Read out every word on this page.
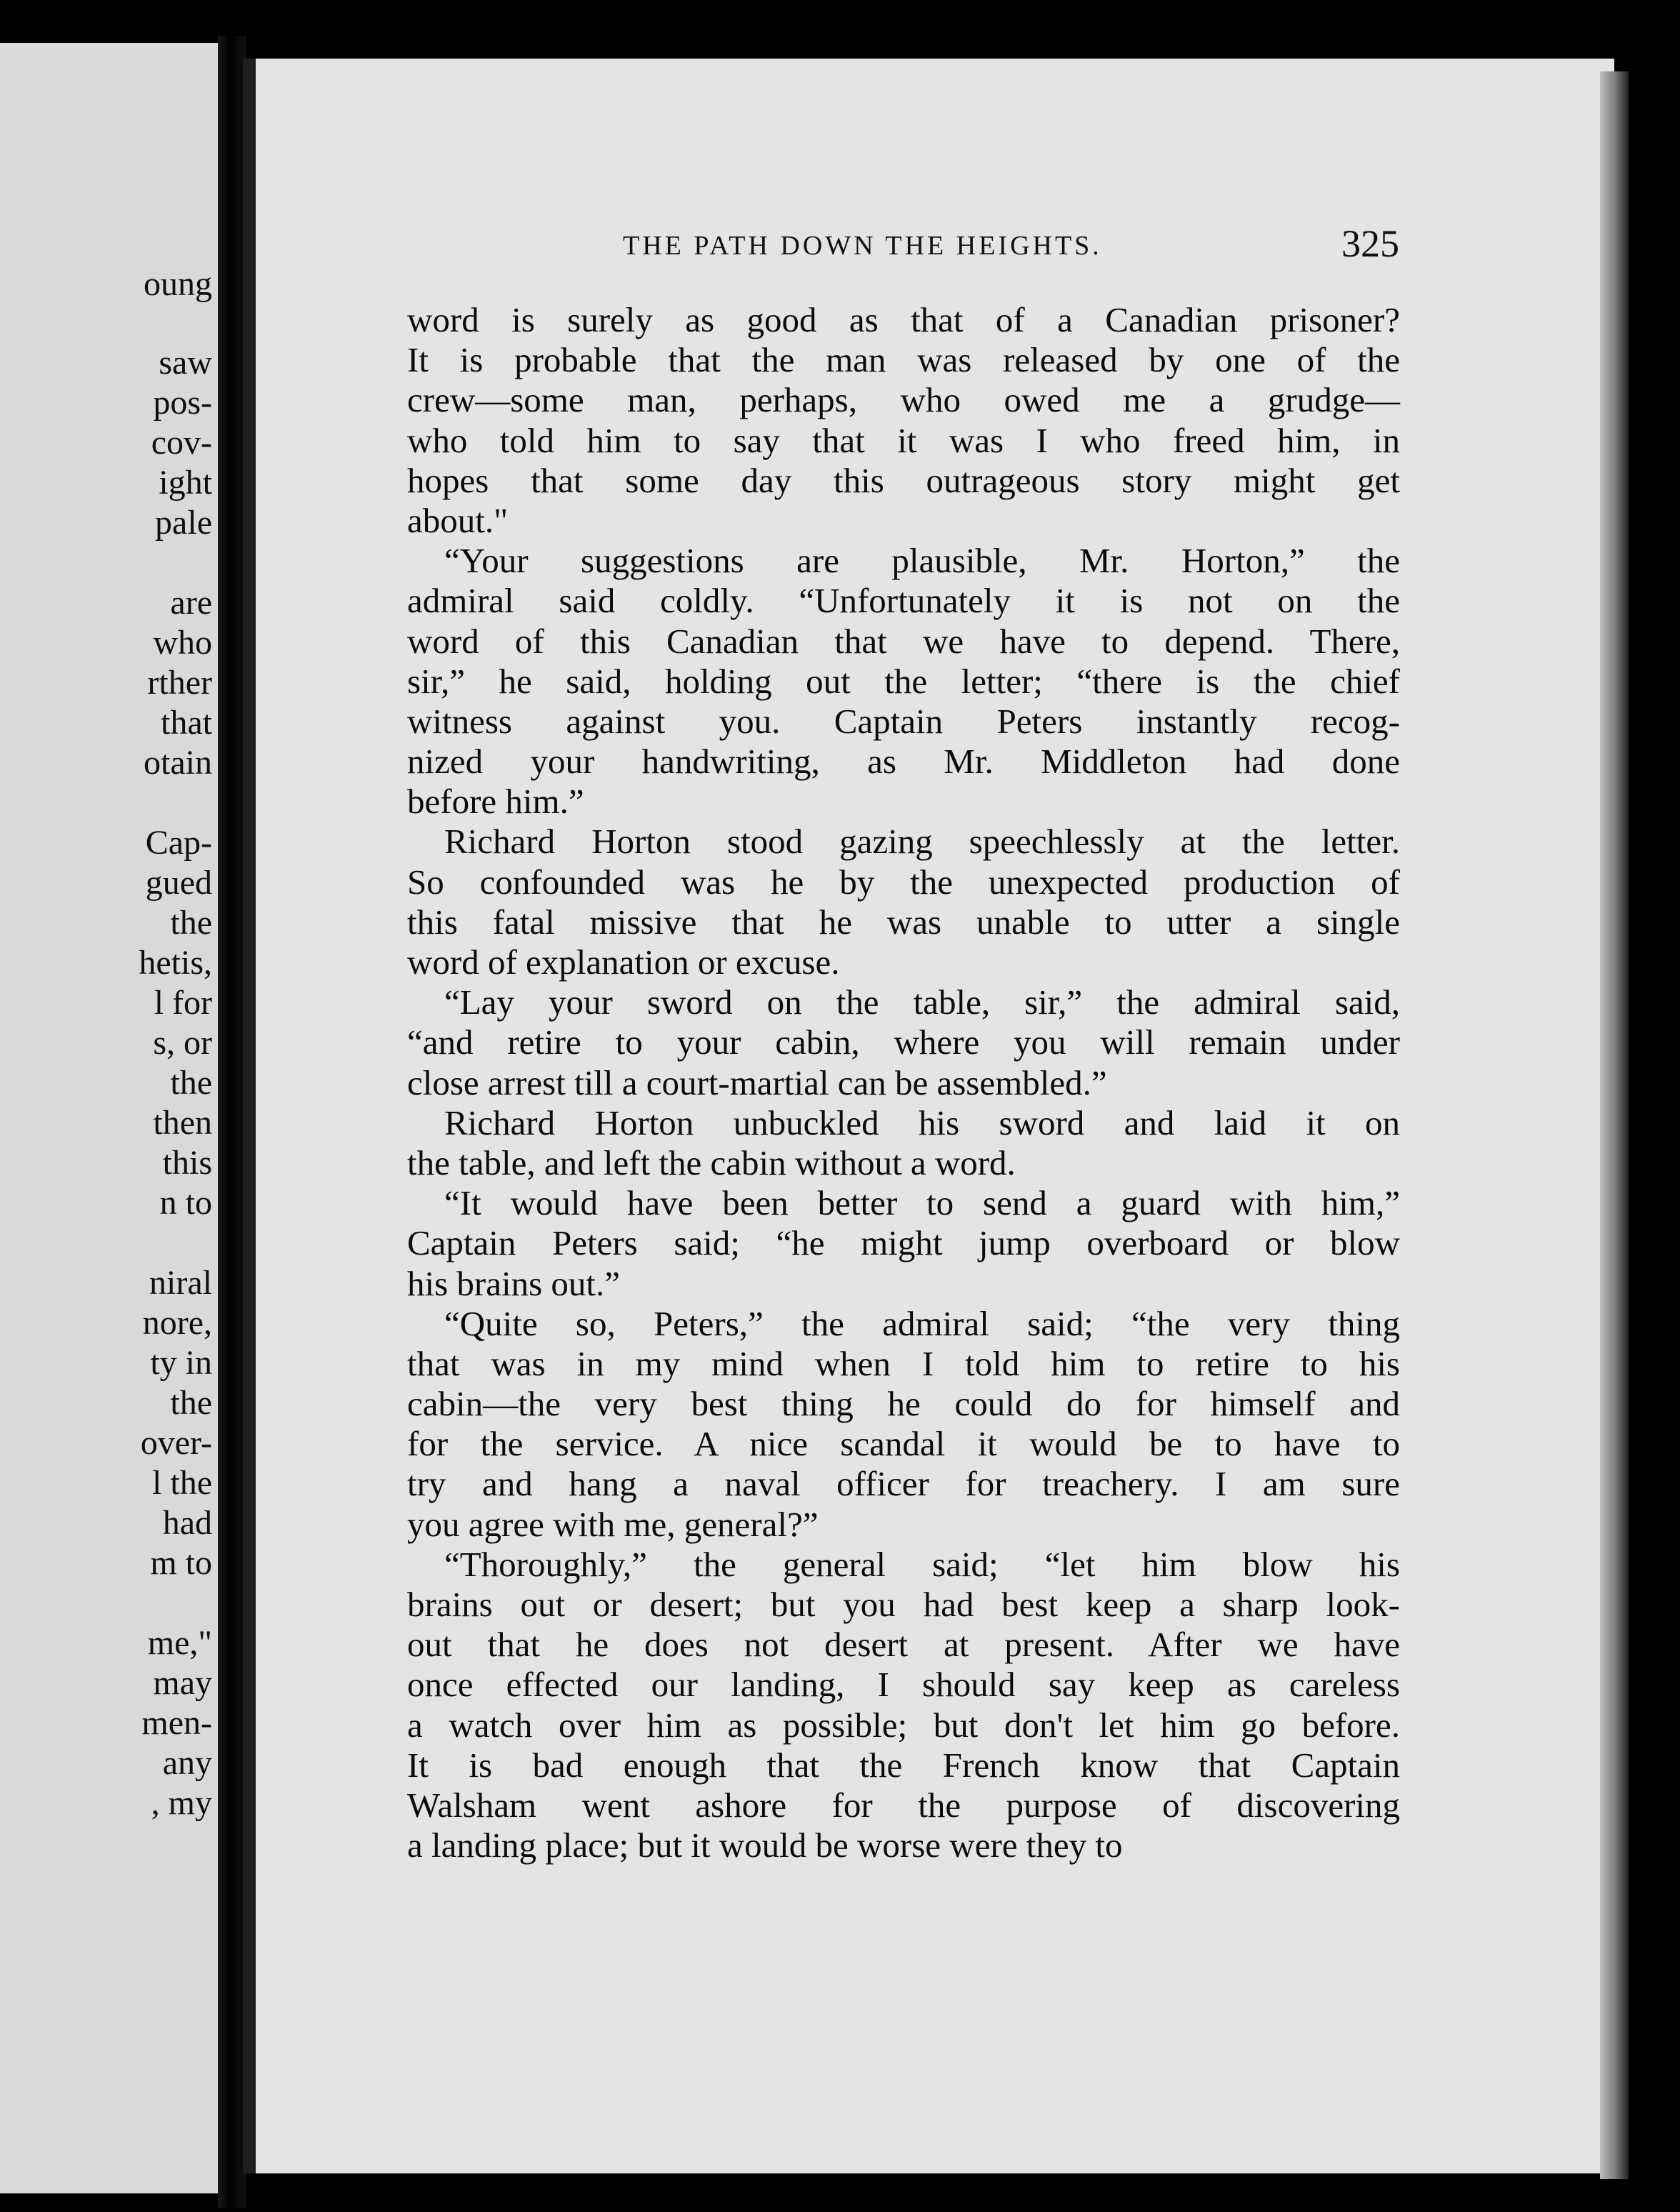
oung
saw
pos-
cov-
ight
pale
are
who
rther
that
otain
Cap-
gued
the
hetis,
l for
s, or
the
then
this
n to
niral
nore,
ty in
the
over-
l the
had
m to
me,"
may
men-
any
, my
THE PATH DOWN THE HEIGHTS.	325
word is surely as good as that of a Canadian prisoner?
It is probable that the man was released by one of the
crew—some man, perhaps, who owed me a grudge—
who told him to say that it was I who freed him, in
hopes that some day this outrageous story might get
about."
“Your suggestions are plausible, Mr. Horton,” the
admiral said coldly. “Unfortunately it is not on the
word of this Canadian that we have to depend. There,
sir,” he said, holding out the letter; “there is the chief
witness against you. Captain Peters instantly recog-
nized your handwriting, as Mr. Middleton had done
before him.”
Richard Horton stood gazing speechlessly at the letter.
So confounded was he by the unexpected production of
this fatal missive that he was unable to utter a single
word of explanation or excuse.
“Lay your sword on the table, sir,” the admiral said,
“and retire to your cabin, where you will remain under
close arrest till a court-martial can be assembled.”
Richard Horton unbuckled his sword and laid it on
the table, and left the cabin without a word.
“It would have been better to send a guard with him,”
Captain Peters said; “he might jump overboard or blow
his brains out.”
“Quite so, Peters,” the admiral said; “the very thing
that was in my mind when I told him to retire to his
cabin—the very best thing he could do for himself and
for the service. A nice scandal it would be to have to
try and hang a naval officer for treachery. I am sure
you agree with me, general?”
“Thoroughly,” the general said; “let him blow his
brains out or desert; but you had best keep a sharp look-
out that he does not desert at present. After we have
once effected our landing, I should say keep as careless
a watch over him as possible; but don't let him go before.
It is bad enough that the French know that Captain
Walsham went ashore for the purpose of discovering
a landing place; but it would be worse were they to
